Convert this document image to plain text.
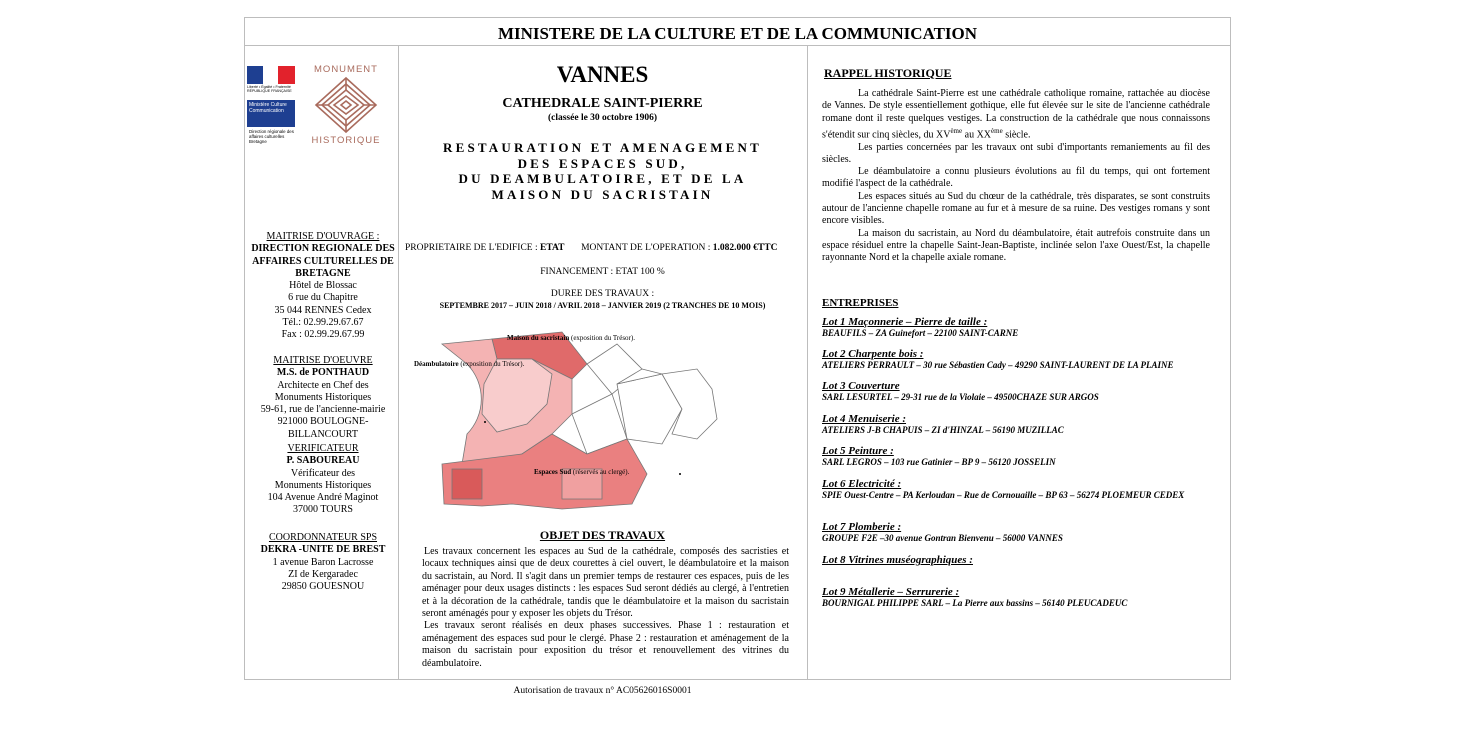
MINISTERE DE LA CULTURE ET DE LA COMMUNICATION
Liberté • Égalité • Fraternité RÉPUBLIQUE FRANÇAISE
Ministère Culture Communication
Direction régionale des affaires culturelles Bretagne
MONUMENT
HISTORIQUE
MAITRISE D'OUVRAGE :
DIRECTION REGIONALE DES AFFAIRES CULTURELLES DE BRETAGNE
Hôtel de Blossac
6 rue du Chapitre
35 044 RENNES Cedex
Tél.: 02.99.29.67.67
Fax : 02.99.29.67.99
MAITRISE D'OEUVRE
M.S. de PONTHAUD
Architecte en Chef des
Monuments Historiques
59-61, rue de l'ancienne-mairie
921000 BOULOGNE-BILLANCOURT
VERIFICATEUR
P. SABOUREAU
Vérificateur des
Monuments Historiques
104 Avenue André Maginot
37000 TOURS
COORDONNATEUR SPS
DEKRA -UNITE DE BREST
1 avenue Baron Lacrosse
ZI de Kergaradec
29850 GOUESNOU
VANNES
CATHEDRALE SAINT-PIERRE
(classée le 30 octobre 1906)
RESTAURATION ET AMENAGEMENT
DES ESPACES SUD,
DU DEAMBULATOIRE, ET DE LA
MAISON DU SACRISTAIN
PROPRIETAIRE DE L'EDIFICE : ETAT MONTANT DE L'OPERATION : 1.082.000 €TTC
FINANCEMENT : ETAT 100 %
DUREE DES TRAVAUX :
SEPTEMBRE 2017 – JUIN 2018 / AVRIL 2018 – JANVIER 2019 (2 TRANCHES DE 10 MOIS)
Maison du sacristain (exposition du Trésor).
Déambulatoire (exposition du Trésor).
Espaces Sud (réservés au clergé).
OBJET DES TRAVAUX

Les travaux concernent les espaces au Sud de la cathédrale, composés des sacristies et locaux techniques ainsi que de deux courettes à ciel ouvert, le déambulatoire et la maison du sacristain, au Nord. Il s'agit dans un premier temps de restaurer ces espaces, puis de les aménager pour deux usages distincts : les espaces Sud seront dédiés au clergé, à l'entretien et à la décoration de la cathédrale, tandis que le déambulatoire et la maison du sacristain seront aménagés pour y exposer les objets du Trésor.

Les travaux seront réalisés en deux phases successives. Phase 1 : restauration et aménagement des espaces sud pour le clergé. Phase 2 : restauration et aménagement de la maison du sacristain pour exposition du trésor et renouvellement des vitrines du déambulatoire.

Autorisation de travaux n° AC05626016S0001
RAPPEL HISTORIQUE

La cathédrale Saint-Pierre est une cathédrale catholique romaine, rattachée au diocèse de Vannes. De style essentiellement gothique, elle fut élevée sur le site de l'ancienne cathédrale romane dont il reste quelques vestiges. La construction de la cathédrale que nous connaissons s'étendit sur cinq siècles, du XVème au XXème siècle.

Les parties concernées par les travaux ont subi d'importants remaniements au fil des siècles.

Le déambulatoire a connu plusieurs évolutions au fil du temps, qui ont fortement modifié l'aspect de la cathédrale.

Les espaces situés au Sud du chœur de la cathédrale, très disparates, se sont construits autour de l'ancienne chapelle romane au fur et à mesure de sa ruine. Des vestiges romans y sont encore visibles.

La maison du sacristain, au Nord du déambulatoire, était autrefois construite dans un espace résiduel entre la chapelle Saint-Jean-Baptiste, inclinée selon l'axe Ouest/Est, la chapelle rayonnante Nord et la chapelle axiale romane.

ENTREPRISES
Lot 1 Maçonnerie – Pierre de taille :
BEAUFILS – ZA Guinefort – 22100 SAINT-CARNE
Lot 2 Charpente bois :
ATELIERS PERRAULT – 30 rue Sébastien Cady – 49290 SAINT-LAURENT DE LA PLAINE
Lot 3 Couverture
SARL LESURTEL – 29-31 rue de la Violaie – 49500CHAZE SUR ARGOS
Lot 4 Menuiserie :
ATELIERS J-B CHAPUIS – ZI d'HINZAL – 56190 MUZILLAC
Lot 5 Peinture :
SARL LEGROS – 103 rue Gatinier – BP 9 – 56120 JOSSELIN
Lot 6 Electricité :
SPIE Ouest-Centre – PA Kerloudan – Rue de Cornouaille – BP 63 – 56274 PLOEMEUR CEDEX
Lot 7 Plomberie :
GROUPE F2E –30 avenue Gontran Bienvenu – 56000 VANNES
Lot 8 Vitrines muséographiques :
Lot 9 Métallerie – Serrurerie :
BOURNIGAL PHILIPPE SARL – La Pierre aux bassins – 56140 PLEUCADEUC
